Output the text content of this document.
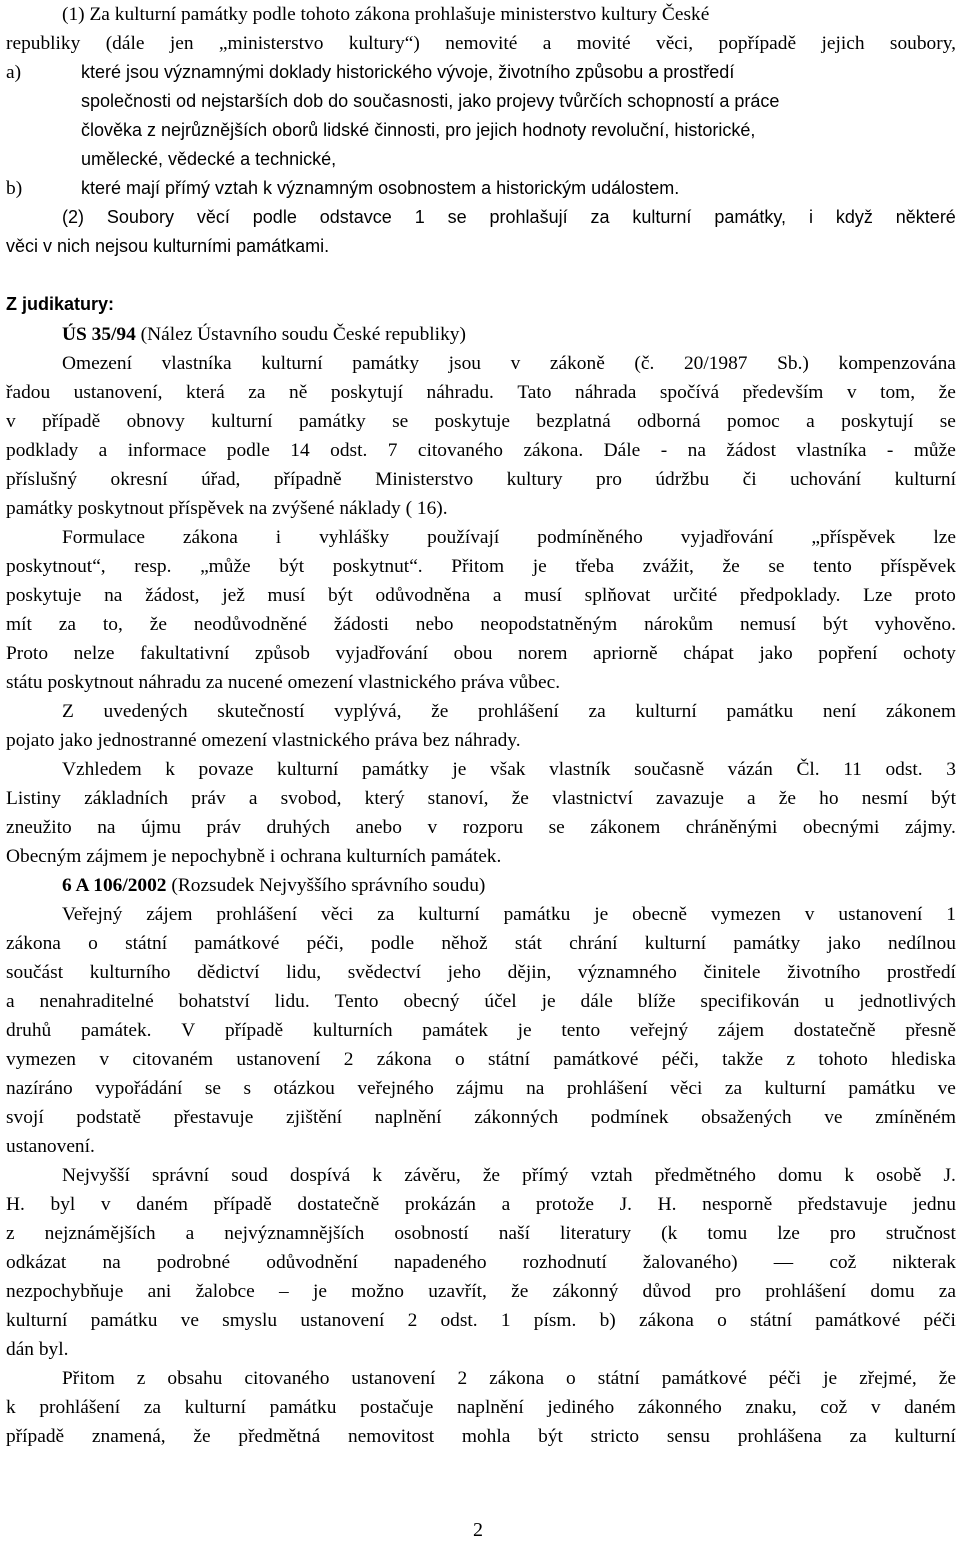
(1) Za kulturní památky podle tohoto zákona prohlašuje ministerstvo kultury České
republiky (dále jen „ministerstvo kultury“) nemovité a movité věci, popřípadě jejich soubory,
a)	které jsou významnými doklady historického vývoje, životního způsobu a prostředí
společnosti od nejstarších dob do současnosti, jako projevy tvůrčích schopností a práce
člověka z nejrůznějších oborů lidské činnosti, pro jejich hodnoty revoluční, historické,
umělecké, vědecké a technické,
b)	které mají přímý vztah k významným osobnostem a historickým událostem.
(2) Soubory věcí podle odstavce 1 se prohlašují za kulturní památky, i když některé
věci v nich nejsou kulturními památkami.
Z judikatury:
ÚS 35/94 (Nález Ústavního soudu České republiky)
Omezení vlastníka kulturní památky jsou v zákoně (č. 20/1987 Sb.) kompenzována
řadou ustanovení, která za ně poskytují náhradu. Tato náhrada spočívá především v tom, že
v případě obnovy kulturní památky se poskytuje bezplatná odborná pomoc a poskytují se
podklady a informace podle 14 odst. 7 citovaného zákona. Dále - na žádost vlastníka - může
příslušný okresní úřad, případně Ministerstvo kultury pro údržbu či uchování kulturní
památky poskytnout příspěvek na zvýšené náklady ( 16).
Formulace zákona i vyhlášky používají podmíněného vyjadřování „příspěvek lze
poskytnout“, resp. „může být poskytnut“. Přitom je třeba zvážit, že se tento příspěvek
poskytuje na žádost, jež musí být odůvodněna a musí splňovat určité předpoklady. Lze proto
mít za to, že neodůvodněné žádosti nebo neopodstatněným nárokům nemusí být vyhověno.
Proto nelze fakultativní způsob vyjadřování obou norem apriorně chápat jako popření ochoty
státu poskytnout náhradu za nucené omezení vlastnického práva vůbec.
Z uvedených skutečností vyplývá, že prohlášení za kulturní památku není zákonem
pojato jako jednostranné omezení vlastnického práva bez náhrady.
Vzhledem k povaze kulturní památky je však vlastník současně vázán Čl. 11 odst. 3
Listiny základních práv a svobod, který stanoví, že vlastnictví zavazuje a že ho nesmí být
zneužito na újmu práv druhých anebo v rozporu se zákonem chráněnými obecnými zájmy.
Obecným zájmem je nepochybně i ochrana kulturních památek.
6 A 106/2002 (Rozsudek Nejvyššího správního soudu)
Veřejný zájem prohlášení věci za kulturní památku je obecně vymezen v ustanovení 1
zákona o státní památkové péči, podle něhož stát chrání kulturní památky jako nedílnou
součást kulturního dědictví lidu, svědectví jeho dějin, významného činitele životního prostředí
a nenahraditelné bohatství lidu. Tento obecný účel je dále blíže specifikován u jednotlivých
druhů památek. V případě kulturních památek je tento veřejný zájem dostatečně přesně
vymezen v citovaném ustanovení 2 zákona o státní památkové péči, takže z tohoto hlediska
nazíráno vypořádání se s otázkou veřejného zájmu na prohlášení věci za kulturní památku ve
svojí podstatě přestavuje zjištění naplnění zákonných podmínek obsažených ve zmíněném
ustanovení.
Nejvyšší správní soud dospívá k závěru, že přímý vztah předmětného domu k osobě J.
H. byl v daném případě dostatečně prokázán a protože J. H. nesporně představuje jednu
z nejznámějších a nejvýznamnějších osobností naší literatury (k tomu lze pro stručnost
odkázat na podrobné odůvodnění napadeného rozhodnutí žalovaného) — což nikterak
nezpochybňuje ani žalobce – je možno uzavřít, že zákonný důvod pro prohlášení domu za
kulturní památku ve smyslu ustanovení 2 odst. 1 písm. b) zákona o státní památkové péči
dán byl.
Přitom z obsahu citovaného ustanovení 2 zákona o státní památkové péči je zřejmé, že
k prohlášení za kulturní památku postačuje naplnění jediného zákonného znaku, což v daném
případě znamená, že předmětná nemovitost mohla být stricto sensu prohlášena za kulturní
2
